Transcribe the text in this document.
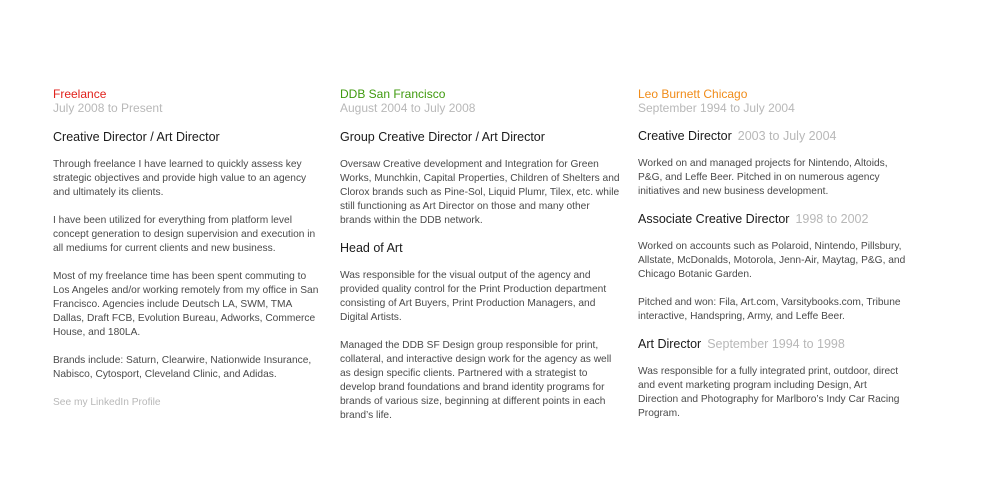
Freelance

July 2008 to Present

Creative Director / Art Director

Through freelance I have learned to quickly assess key strategic objectives and provide high value to an agency and ultimately its clients.

I have been utilized for everything from platform level concept generation to design supervision and execution in all mediums for current clients and new business.

Most of my freelance time has been spent commuting to Los Angeles and/or working remotely from my office in San Francisco. Agencies include Deutsch LA, SWM, TMA Dallas, Draft FCB, Evolution Bureau, Adworks, Commerce House, and 180LA.

Brands include: Saturn, Clearwire, Nationwide Insurance, Nabisco, Cytosport, Cleveland Clinic, and Adidas.

See my LinkedIn Profile

DDB San Francisco

August 2004 to July 2008

Group Creative Director / Art Director

Oversaw Creative development and Integration for Green Works, Munchkin, Capital Properties, Children of Shelters and Clorox brands such as Pine-Sol, Liquid Plumr, Tilex, etc. while still functioning as Art Director on those and many other brands within the DDB network.

Head of Art

Was responsible for the visual output of the agency and provided quality control for the Print Production department consisting of Art Buyers, Print Production Managers, and Digital Artists.

Managed the DDB SF Design group responsible for print, collateral, and interactive design work for the agency as well as design specific clients. Partnered with a strategist to develop brand foundations and brand identity programs for brands of various size, beginning at different points in each brand’s life.

Leo Burnett Chicago

September 1994 to July 2004

Creative Director 2003 to July 2004

Worked on and managed projects for Nintendo, Altoids, P&G, and Leffe Beer. Pitched in on numerous agency initiatives and new business development.

Associate Creative Director 1998 to 2002

Worked on accounts such as Polaroid, Nintendo, Pillsbury, Allstate, McDonalds, Motorola, Jenn-Air, Maytag, P&G, and Chicago Botanic Garden.

Pitched and won: Fila, Art.com, Varsitybooks.com, Tribune interactive, Handspring, Army, and Leffe Beer.

Art Director September 1994 to 1998

Was responsible for a fully integrated print, outdoor, direct and event marketing program including Design, Art Direction and Photography for Marlboro’s Indy Car Racing Program.
